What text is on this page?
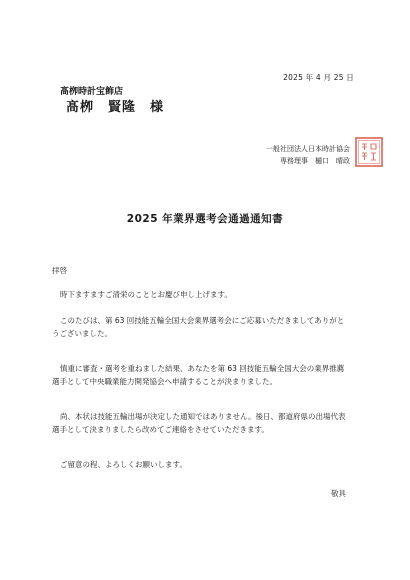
2025 年 4 月 25 日
髙栁時計宝飾店
髙栁　賢隆　様
一般社団法人日本時計協会
専務理事　樋口　晴政
2025 年業界選考会通過通知書
拝啓
時下ますますご清栄のこととお慶び申し上げます。
このたびは、第 63 回技能五輪全国大会業界選考会にご応募いただきましてありがと
うございました。
慎重に審査・選考を重ねました結果、あなたを第 63 回技能五輪全国大会の業界推薦
選手として中央職業能力開発協会へ申請することが決まりました。
尚、本状は技能五輪出場が決定した通知ではありません。後日、都道府県の出場代表
選手として決まりましたら改めてご連絡をさせていただきます。
ご留意の程、よろしくお願いします。
敬具
